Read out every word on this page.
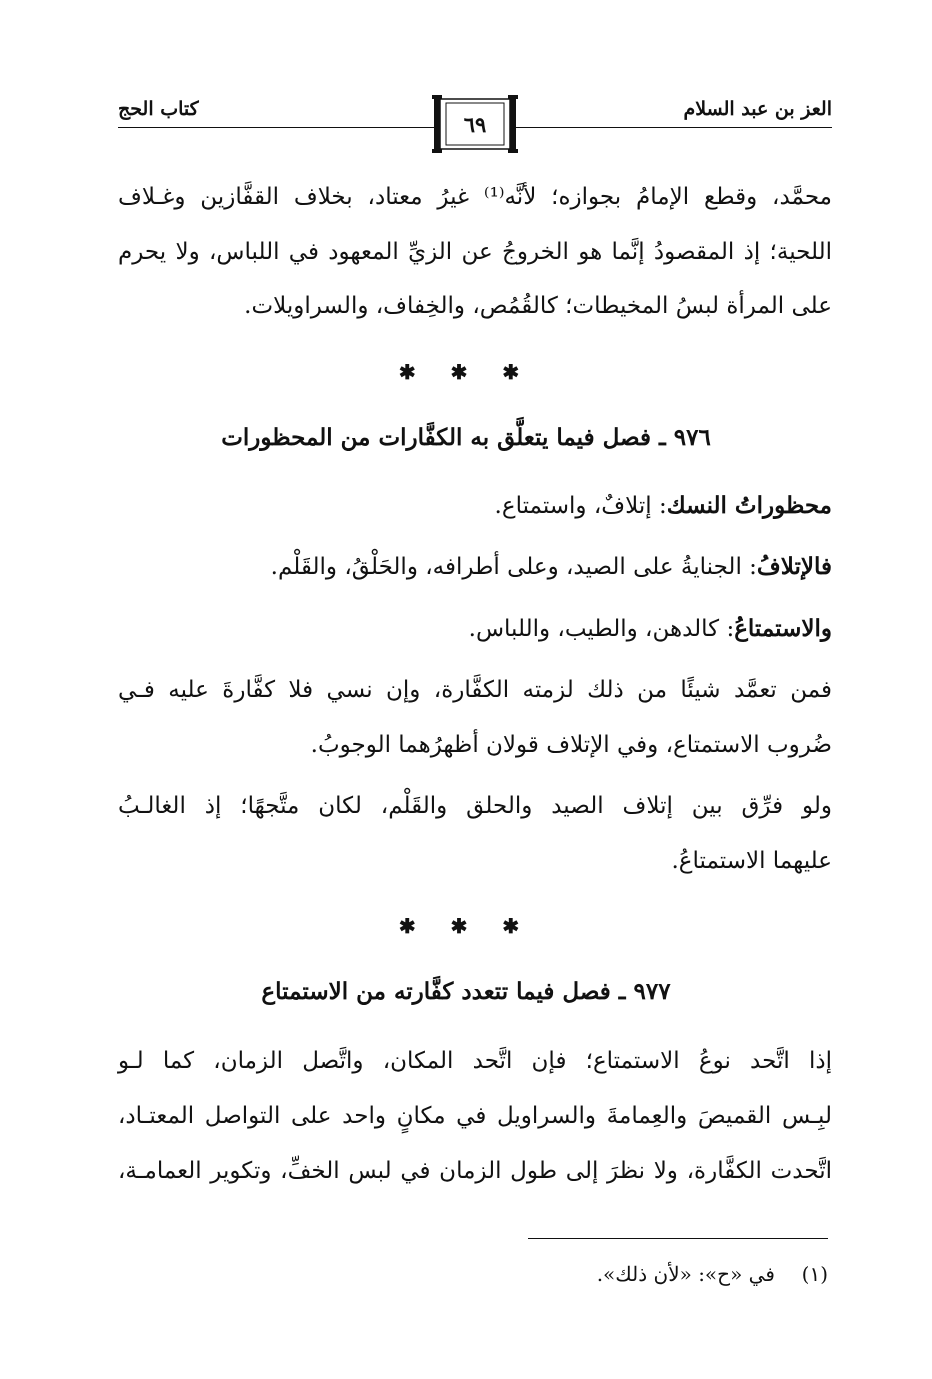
العز بن عبد السلام
كتاب الحج
٦٩
محمَّد، وقطع الإمامُ بجوازه؛ لأنَّه⁽¹⁾ غيرُ معتاد، بخلاف القفَّازين وغـلاف
اللحية؛ إذ المقصودُ إنَّما هو الخروجُ عن الزيِّ المعهود في اللباس، ولا يحرم
على المرأة لبسُ المخيطات؛ كالقُمُص، والخِفاف، والسراويلات.
✱ ✱ ✱
٩٧٦ ـ فصل فيما يتعلَّق به الكفَّارات من المحظورات
محظوراتُ النسك: إتلافٌ، واستمتاع.
فالإتلافُ: الجنايةُ على الصيد، وعلى أطرافه، والحَلْقُ، والقَلْم.
والاستمتاعُ: كالدهن، والطيب، واللباس.
فمن تعمَّد شيئًا من ذلك لزمته الكفَّارة، وإن نسي فلا كفَّارةَ عليه فـي
ضُروب الاستمتاع، وفي الإتلاف قولان أظهرُهما الوجوبُ.
ولو فرِّق بين إتلاف الصيد والحلق والقَلْم، لكان متَّجهًا؛ إذ الغالـبُ
عليهما الاستمتاعُ.
✱ ✱ ✱
٩٧٧ ـ فصل فيما تتعدد كفَّارته من الاستمتاع
إذا اتَّحد نوعُ الاستمتاع؛ فإن اتَّحد المكان، واتَّصل الزمان، كما لـو
لبِـس القميصَ والعِمامةَ والسراويل في مكانٍ واحد على التواصل المعتـاد،
اتَّحدت الكفَّارة، ولا نظرَ إلى طول الزمان في لبس الخفِّ، وتكوير العمامـة،
(١)  في «ح»: «لأن ذلك».
